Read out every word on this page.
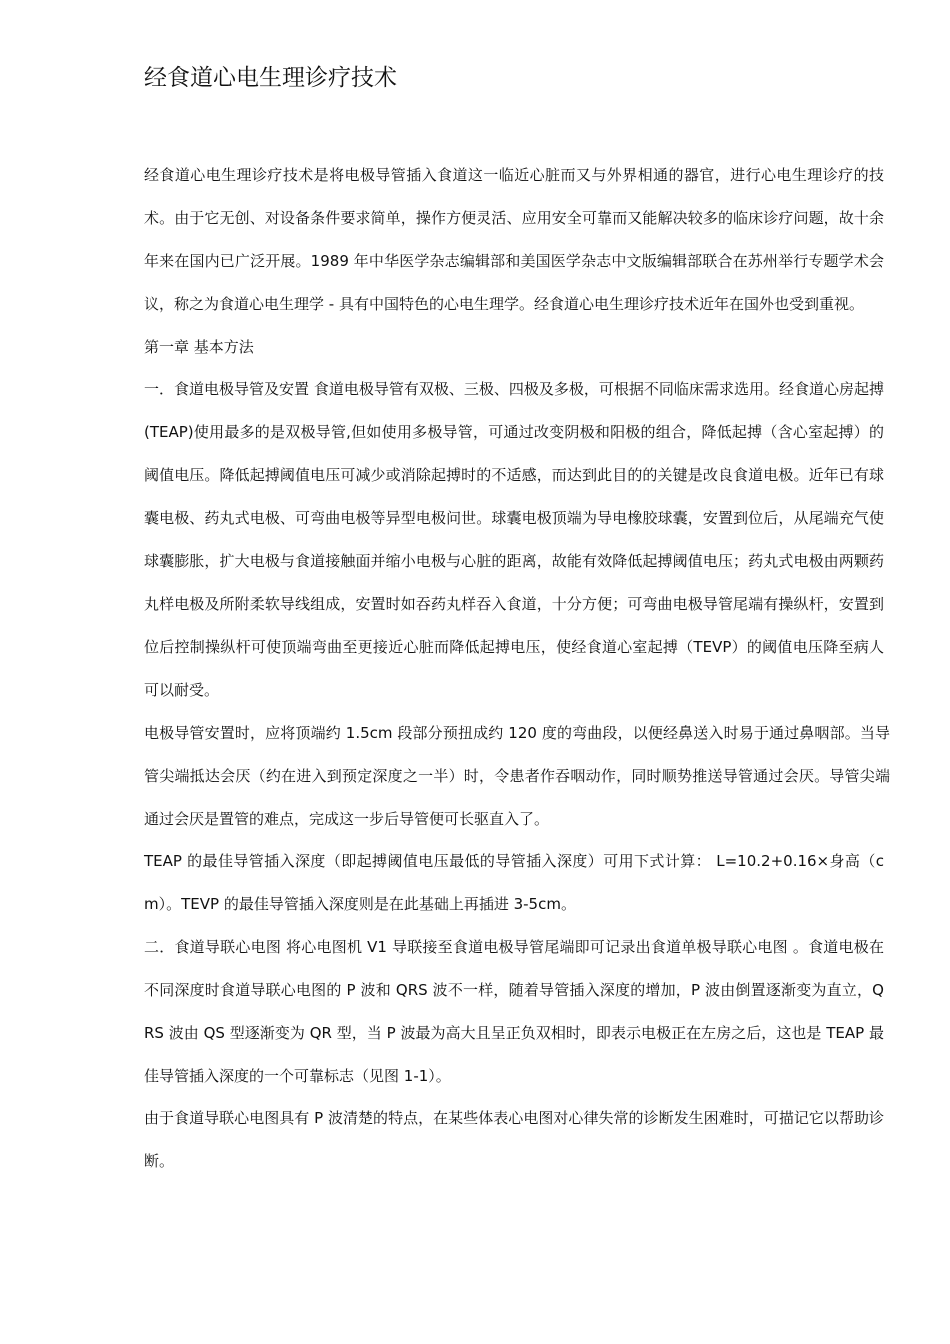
经食道心电生理诊疗技术

经食道心电生理诊疗技术是将电极导管插入食道这一临近心脏而又与外界相通的器官，进行心电生理诊疗的技术。由于它无创、对设备条件要求简单，操作方便灵活、应用安全可靠而又能解决较多的临床诊疗问题，故十余年来在国内已广泛开展。1989 年中华医学杂志编辑部和美国医学杂志中文版编辑部联合在苏州举行专题学术会议，称之为食道心电生理学 - 具有中国特色的心电生理学。经食道心电生理诊疗技术近年在国外也受到重视。

第一章 基本方法

一．食道电极导管及安置 食道电极导管有双极、三极、四极及多极，可根据不同临床需求选用。经食道心房起搏(TEAP)使用最多的是双极导管,但如使用多极导管，可通过改变阴极和阳极的组合，降低起搏（含心室起搏）的阈值电压。降低起搏阈值电压可减少或消除起搏时的不适感，而达到此目的的关键是改良食道电极。近年已有球囊电极、药丸式电极、可弯曲电极等异型电极问世。球囊电极顶端为导电橡胶球囊，安置到位后，从尾端充气使球囊膨胀，扩大电极与食道接触面并缩小电极与心脏的距离，故能有效降低起搏阈值电压；药丸式电极由两颗药丸样电极及所附柔软导线组成，安置时如吞药丸样吞入食道，十分方便；可弯曲电极导管尾端有操纵杆，安置到位后控制操纵杆可使顶端弯曲至更接近心脏而降低起搏电压，使经食道心室起搏（TEVP）的阈值电压降至病人可以耐受。

电极导管安置时，应将顶端约 1.5cm 段部分预扭成约 120 度的弯曲段，以便经鼻送入时易于通过鼻咽部。当导管尖端抵达会厌（约在进入到预定深度之一半）时，令患者作吞咽动作，同时顺势推送导管通过会厌。导管尖端通过会厌是置管的难点，完成这一步后导管便可长驱直入了。

TEAP 的最佳导管插入深度（即起搏阈值电压最低的导管插入深度）可用下式计算： L=10.2+0.16×身高（cm）。TEVP 的最佳导管插入深度则是在此基础上再插进 3-5cm。

二．食道导联心电图 将心电图机 V1 导联接至食道电极导管尾端即可记录出食道单极导联心电图 。食道电极在不同深度时食道导联心电图的 P 波和 QRS 波不一样，随着导管插入深度的增加，P 波由倒置逐渐变为直立，QRS 波由 QS 型逐渐变为 QR 型，当 P 波最为高大且呈正负双相时，即表示电极正在左房之后，这也是 TEAP 最佳导管插入深度的一个可靠标志（见图 1-1）。

由于食道导联心电图具有 P 波清楚的特点，在某些体表心电图对心律失常的诊断发生困难时，可描记它以帮助诊断。
